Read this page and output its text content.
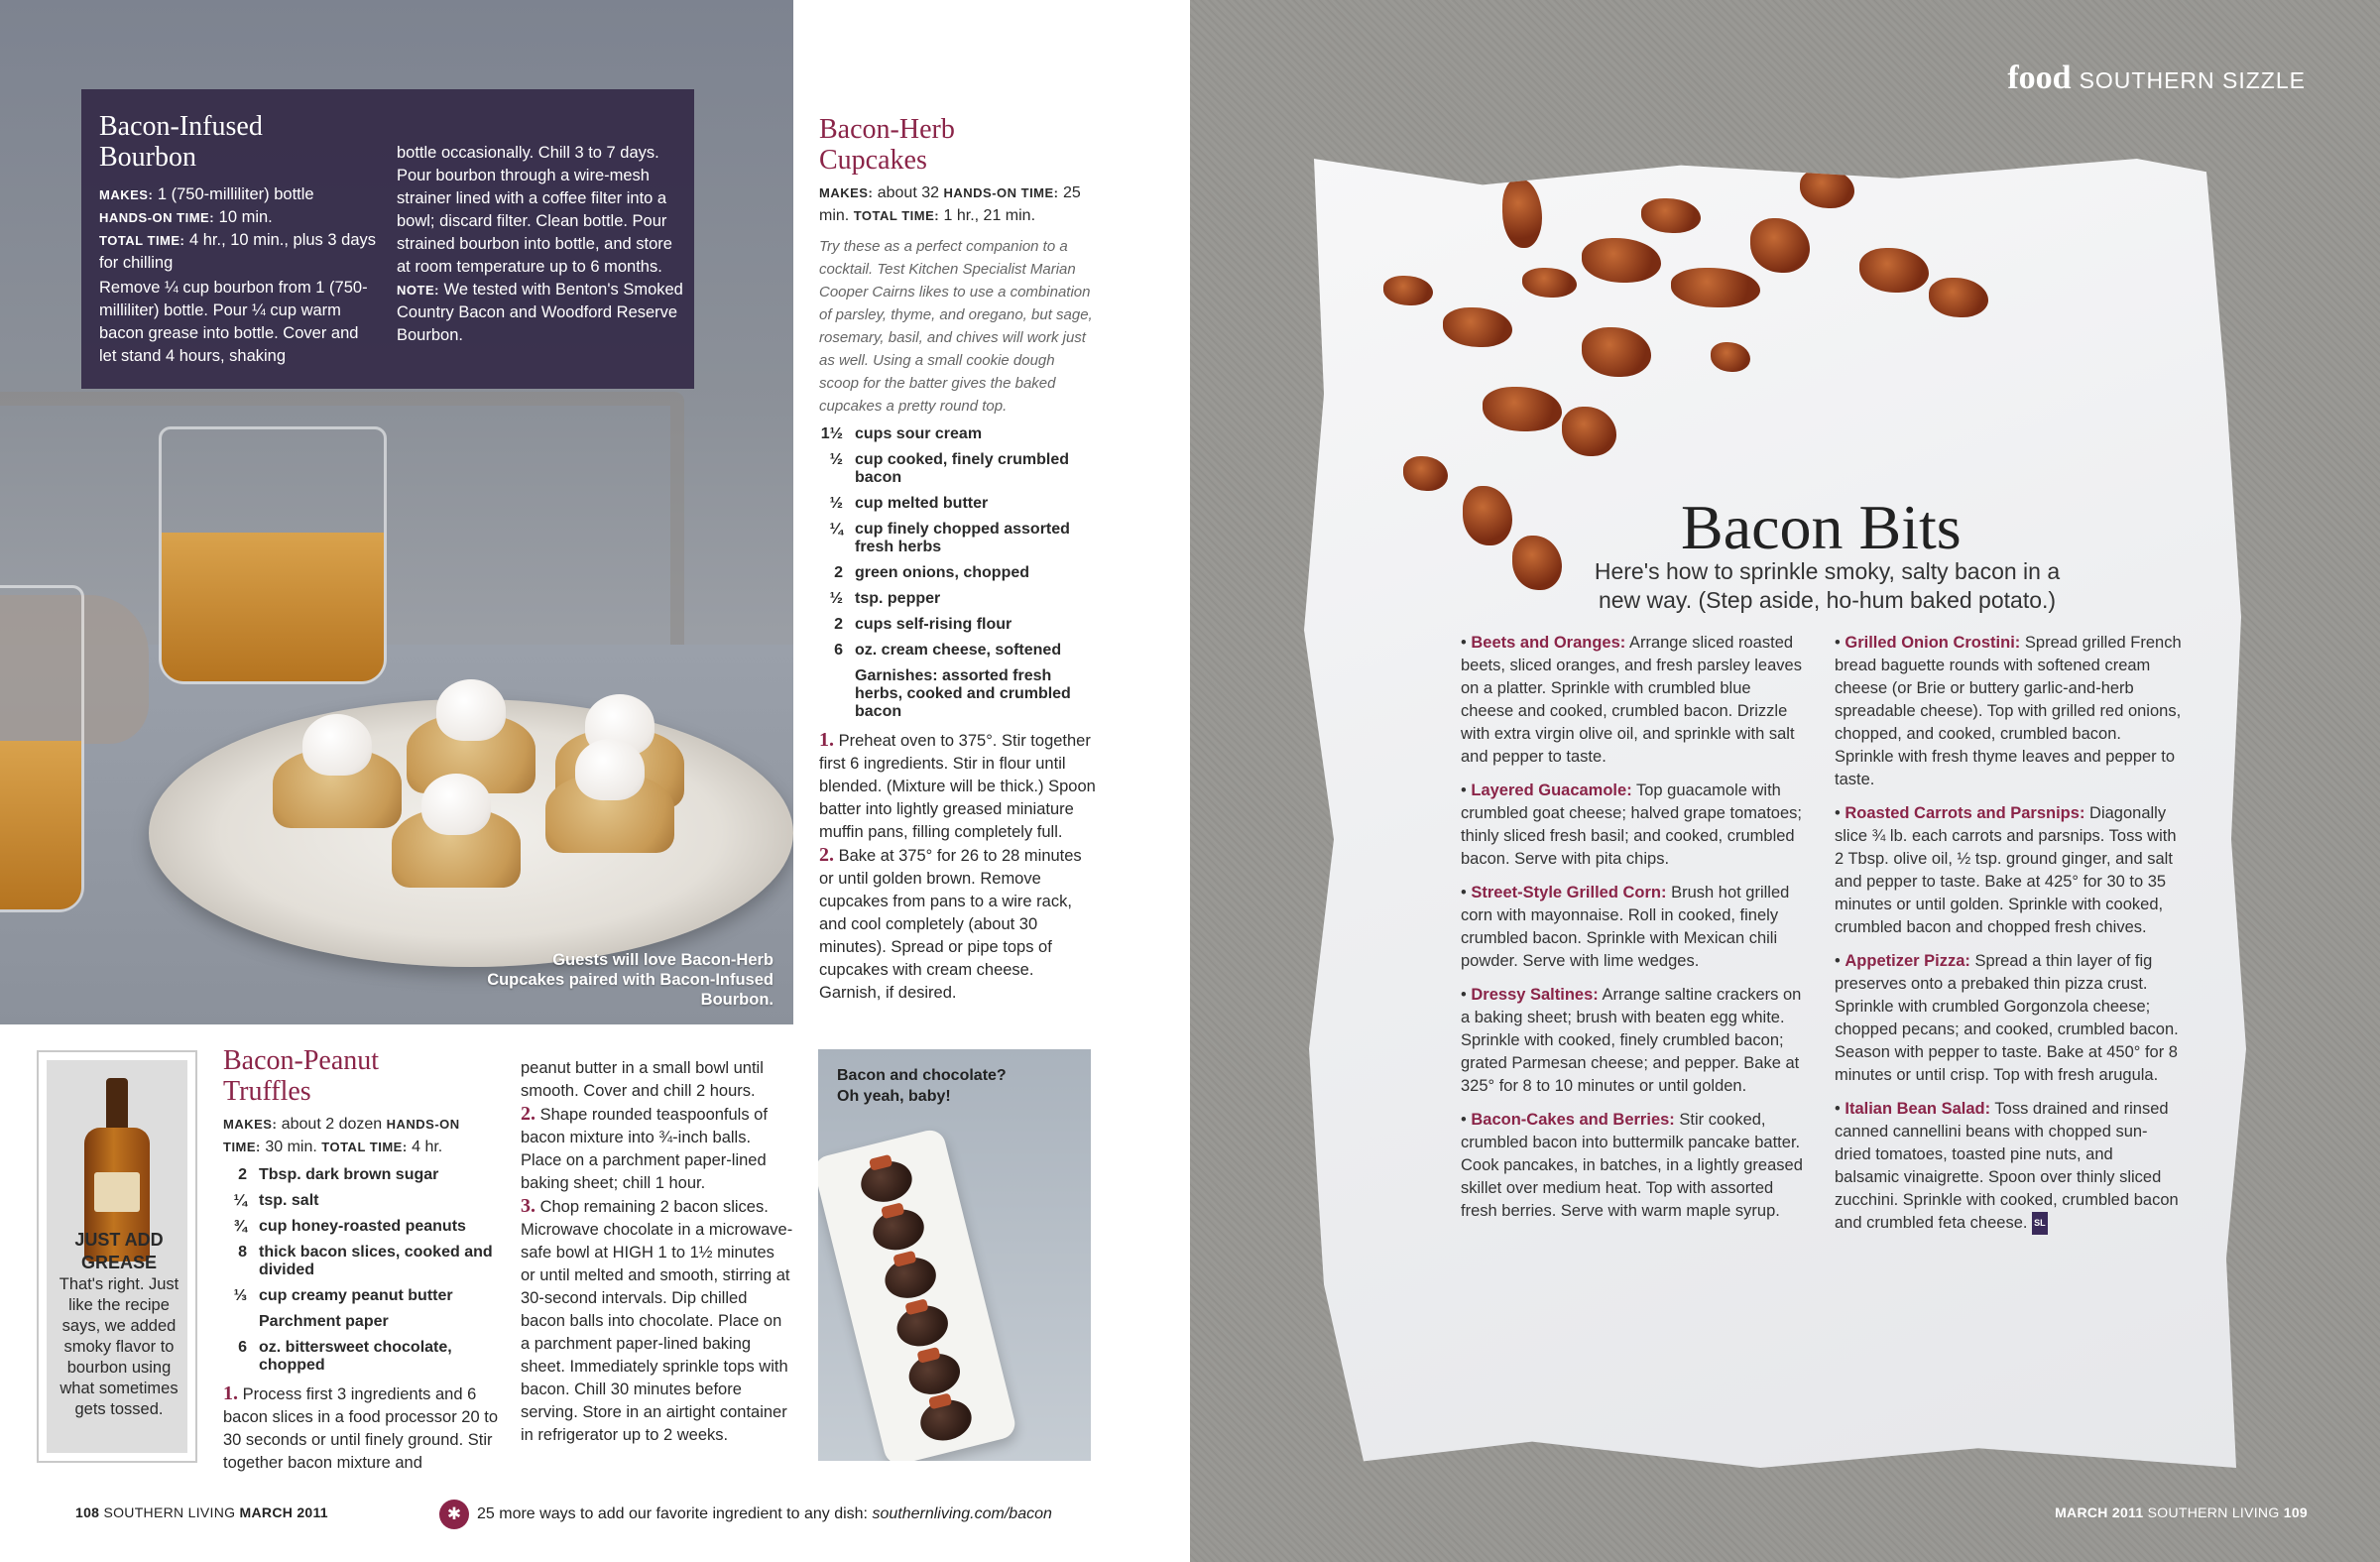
Guests will love Bacon-Herb Cupcakes paired with Bacon-Infused Bourbon.
Bacon-Infused Bourbon
MAKES: 1 (750-milliliter) bottle
HANDS-ON TIME: 10 min.
TOTAL TIME: 4 hr., 10 min., plus 3 days for chilling
Remove ¼ cup bourbon from 1 (750-milliliter) bottle. Pour ¼ cup warm bacon grease into bottle. Cover and let stand 4 hours, shaking
bottle occasionally. Chill 3 to 7 days. Pour bourbon through a wire-mesh strainer lined with a coffee filter into a bowl; discard filter. Clean bottle. Pour strained bourbon into bottle, and store at room temperature up to 6 months.
NOTE: We tested with Benton's Smoked Country Bacon and Woodford Reserve Bourbon.
Bacon-Herb Cupcakes
MAKES: about 32 HANDS-ON TIME: 25 min. TOTAL TIME: 1 hr., 21 min.
Try these as a perfect companion to a cocktail. Test Kitchen Specialist Marian Cooper Cairns likes to use a combination of parsley, thyme, and oregano, but sage, rosemary, basil, and chives will work just as well. Using a small cookie dough scoop for the batter gives the baked cupcakes a pretty round top.
1½ cups sour cream
½ cup cooked, finely crumbled bacon
½ cup melted butter
¼ cup finely chopped assorted fresh herbs
2 green onions, chopped
½ tsp. pepper
2 cups self-rising flour
6 oz. cream cheese, softened
Garnishes: assorted fresh herbs, cooked and crumbled bacon
1. Preheat oven to 375°. Stir together first 6 ingredients. Stir in flour until blended. (Mixture will be thick.) Spoon batter into lightly greased miniature muffin pans, filling completely full.
2. Bake at 375° for 26 to 28 minutes or until golden brown. Remove cupcakes from pans to a wire rack, and cool completely (about 30 minutes). Spread or pipe tops of cupcakes with cream cheese. Garnish, if desired.
JUST ADD GREASE
That's right. Just like the recipe says, we added smoky flavor to bourbon using what sometimes gets tossed.
Bacon-Peanut Truffles
MAKES: about 2 dozen HANDS-ON TIME: 30 min. TOTAL TIME: 4 hr.
2 Tbsp. dark brown sugar
¼ tsp. salt
¾ cup honey-roasted peanuts
8 thick bacon slices, cooked and divided
⅓ cup creamy peanut butter
Parchment paper
6 oz. bittersweet chocolate, chopped
1. Process first 3 ingredients and 6 bacon slices in a food processor 20 to 30 seconds or until finely ground. Stir together bacon mixture and
peanut butter in a small bowl until smooth. Cover and chill 2 hours.
2. Shape rounded teaspoonfuls of bacon mixture into ¾-inch balls. Place on a parchment paper-lined baking sheet; chill 1 hour.
3. Chop remaining 2 bacon slices. Microwave chocolate in a microwave-safe bowl at HIGH 1 to 1½ minutes or until melted and smooth, stirring at 30-second intervals. Dip chilled bacon balls into chocolate. Place on a parchment paper-lined baking sheet. Immediately sprinkle tops with bacon. Chill 30 minutes before serving. Store in an airtight container in refrigerator up to 2 weeks.
Bacon and chocolate? Oh yeah, baby!
108 SOUTHERN LIVING MARCH 2011	✱ 25 more ways to add our favorite ingredient to any dish:
southernliving.com/bacon
food SOUTHERN SIZZLE
Bacon Bits
Here's how to sprinkle smoky, salty bacon in a new way. (Step aside, ho-hum baked potato.)
• Beets and Oranges: Arrange sliced roasted beets, sliced oranges, and fresh parsley leaves on a platter. Sprinkle with crumbled blue cheese and cooked, crumbled bacon. Drizzle with extra virgin olive oil, and sprinkle with salt and pepper to taste.
• Layered Guacamole: Top guacamole with crumbled goat cheese; halved grape tomatoes; thinly sliced fresh basil; and cooked, crumbled bacon. Serve with pita chips.
• Street-Style Grilled Corn: Brush hot grilled corn with mayonnaise. Roll in cooked, finely crumbled bacon. Sprinkle with Mexican chili powder. Serve with lime wedges.
• Dressy Saltines: Arrange saltine crackers on a baking sheet; brush with beaten egg white. Sprinkle with cooked, finely crumbled bacon; grated Parmesan cheese; and pepper. Bake at 325° for 8 to 10 minutes or until golden.
• Bacon-Cakes and Berries: Stir cooked, crumbled bacon into buttermilk pancake batter. Cook pancakes, in batches, in a lightly greased skillet over medium heat. Top with assorted fresh berries. Serve with warm maple syrup.
• Grilled Onion Crostini: Spread grilled French bread baguette rounds with softened cream cheese (or Brie or buttery garlic-and-herb spreadable cheese). Top with grilled red onions, chopped, and cooked, crumbled bacon. Sprinkle with fresh thyme leaves and pepper to taste.
• Roasted Carrots and Parsnips: Diagonally slice ¾ lb. each carrots and parsnips. Toss with 2 Tbsp. olive oil, ½ tsp. ground ginger, and salt and pepper to taste. Bake at 425° for 30 to 35 minutes or until golden. Sprinkle with cooked, crumbled bacon and chopped fresh chives.
• Appetizer Pizza: Spread a thin layer of fig preserves onto a prebaked thin pizza crust. Sprinkle with crumbled Gorgonzola cheese; chopped pecans; and cooked, crumbled bacon. Season with pepper to taste. Bake at 450° for 8 minutes or until crisp. Top with fresh arugula.
• Italian Bean Salad: Toss drained and rinsed canned cannellini beans with chopped sun-dried tomatoes, toasted pine nuts, and balsamic vinaigrette. Spoon over thinly sliced zucchini. Sprinkle with cooked, crumbled bacon and crumbled feta cheese. SL
MARCH 2011 SOUTHERN LIVING 109
